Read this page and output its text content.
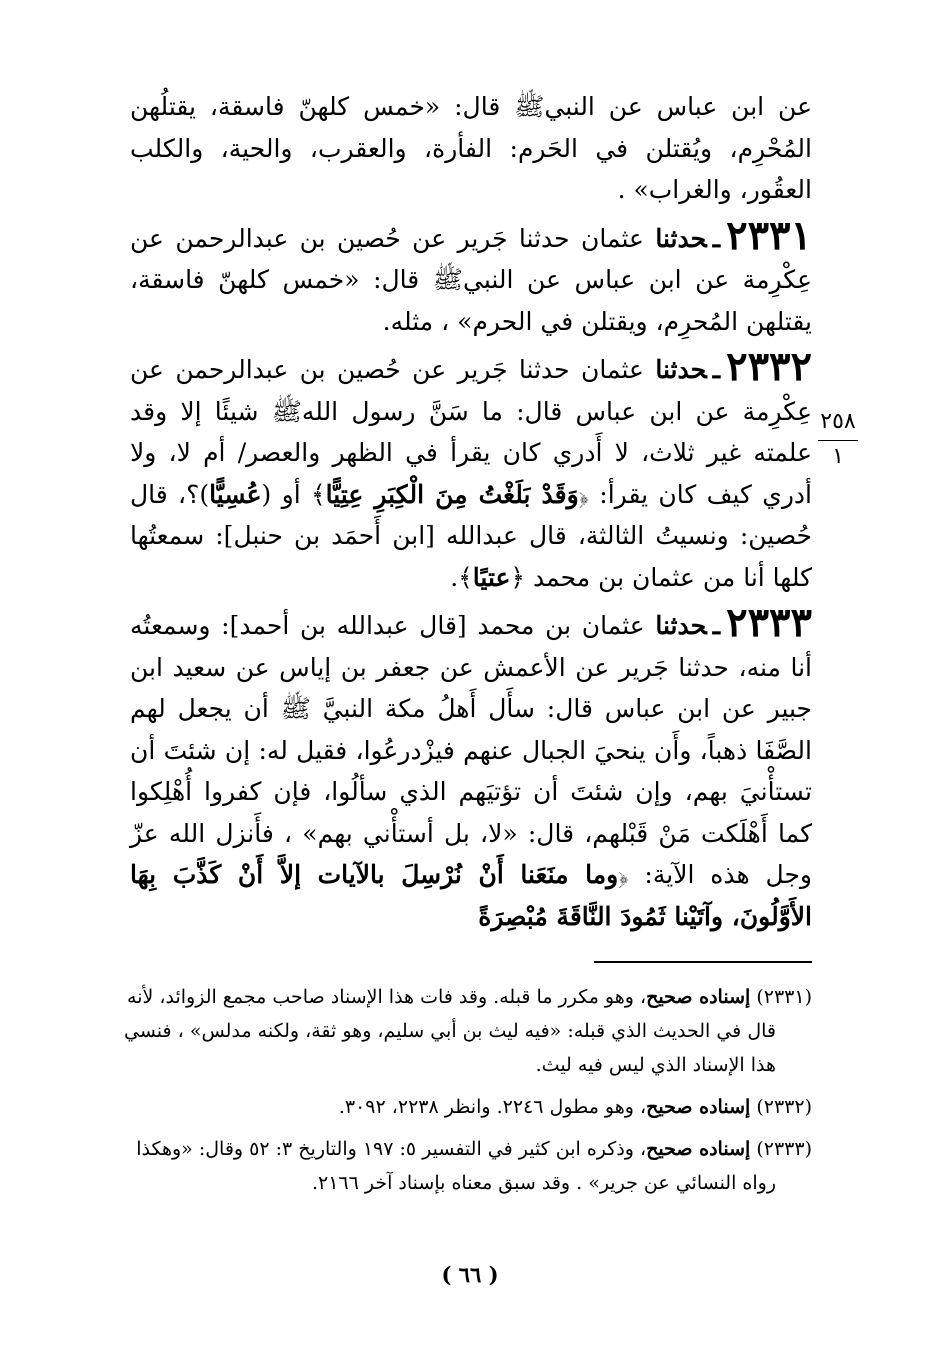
عن ابن عباس عن النبيﷺ قال: «خمس كلهنّ فاسقة، يقتلُهن المُحْرِم، ويُقتلن في الحَرم: الفأرة، والعقرب، والحية، والكلب العقُور، والغراب» .

٢٣٣١ـحدثنا عثمان حدثنا جَرير عن حُصين بن عبدالرحمن عن عِكْرِمة عن ابن عباس عن النبيﷺ قال: «خمس كلهنّ فاسقة، يقتلهن المُحرِم، ويقتلن في الحرم» ، مثله.

٢٣٣٢ـحدثنا عثمان حدثنا جَرير عن حُصين بن عبدالرحمن عن عِكْرِمة عن ابن عباس قال: ما سَنَّ رسول اللهﷺ شيئًا إلا وقد علمته غير ثلاث، لا أَدري كان يقرأ في الظهر والعصر/ أم لا، ولا أدري كيف كان يقرأ: ﴿وَقَدْ بَلَغْتُ مِنَ الْكِبَرِ عِتِيًّا﴾ أو (عُسِيًّا)؟، قال حُصين: ونسيتُ الثالثة، قال عبدالله [ابن أَحمَد بن حنبل]: سمعتُها كلها أنا من عثمان بن محمد ﴿عتيًا﴾.

٢٣٣٣ـحدثنا عثمان بن محمد [قال عبدالله بن أحمد]: وسمعتُه أنا منه، حدثنا جَرير عن الأعمش عن جعفر بن إياس عن سعيد ابن جبير عن ابن عباس قال: سأَل أَهلُ مكة النبيَّ ﷺ أن يجعل لهم الصَّفَا ذهباً، وأَن ينحيَ الجبال عنهم فيزْدرعُوا، فقيل له: إن شئتَ أن تستأْنيَ بهم، وإن شئتَ أن تؤتيَهم الذي سألُوا، فإن كفروا أُهْلِكوا كما أَهْلَكت مَنْ قَبْلهم، قال: «لا، بل أستأْني بهم» ، فأَنزل الله عزّ وجل هذه الآية: ﴿وما منَعَنا أَنْ نُرْسِلَ بالآيات إلاَّ أَنْ كَذَّبَ بِهَا الأَوَّلُونَ، وآتَيْنا ثَمُودَ النَّاقَةَ مُبْصِرَةً

٢٥٨
١

(٢٣٣١) إسناده صحيح، وهو مكرر ما قبله. وقد فات هذا الإسناد صاحب مجمع الزوائد، لأنه
قال في الحديث الذي قبله: «فيه ليث بن أبي سليم، وهو ثقة، ولكنه مدلس» ، فنسي هذا الإسناد الذي ليس فيه ليث.

(٢٣٣٢) إسناده صحيح، وهو مطول ٢٢٤٦. وانظر ٢٢٣٨، ٣٠٩٢.

(٢٣٣٣) إسناده صحيح، وذكره ابن كثير في التفسير ٥: ١٩٧ والتاريخ ٣: ٥٢ وقال: «وهكذا
رواه النسائي عن جرير» . وقد سبق معناه بإسناد آخر ٢١٦٦.

( ٦٦ )
